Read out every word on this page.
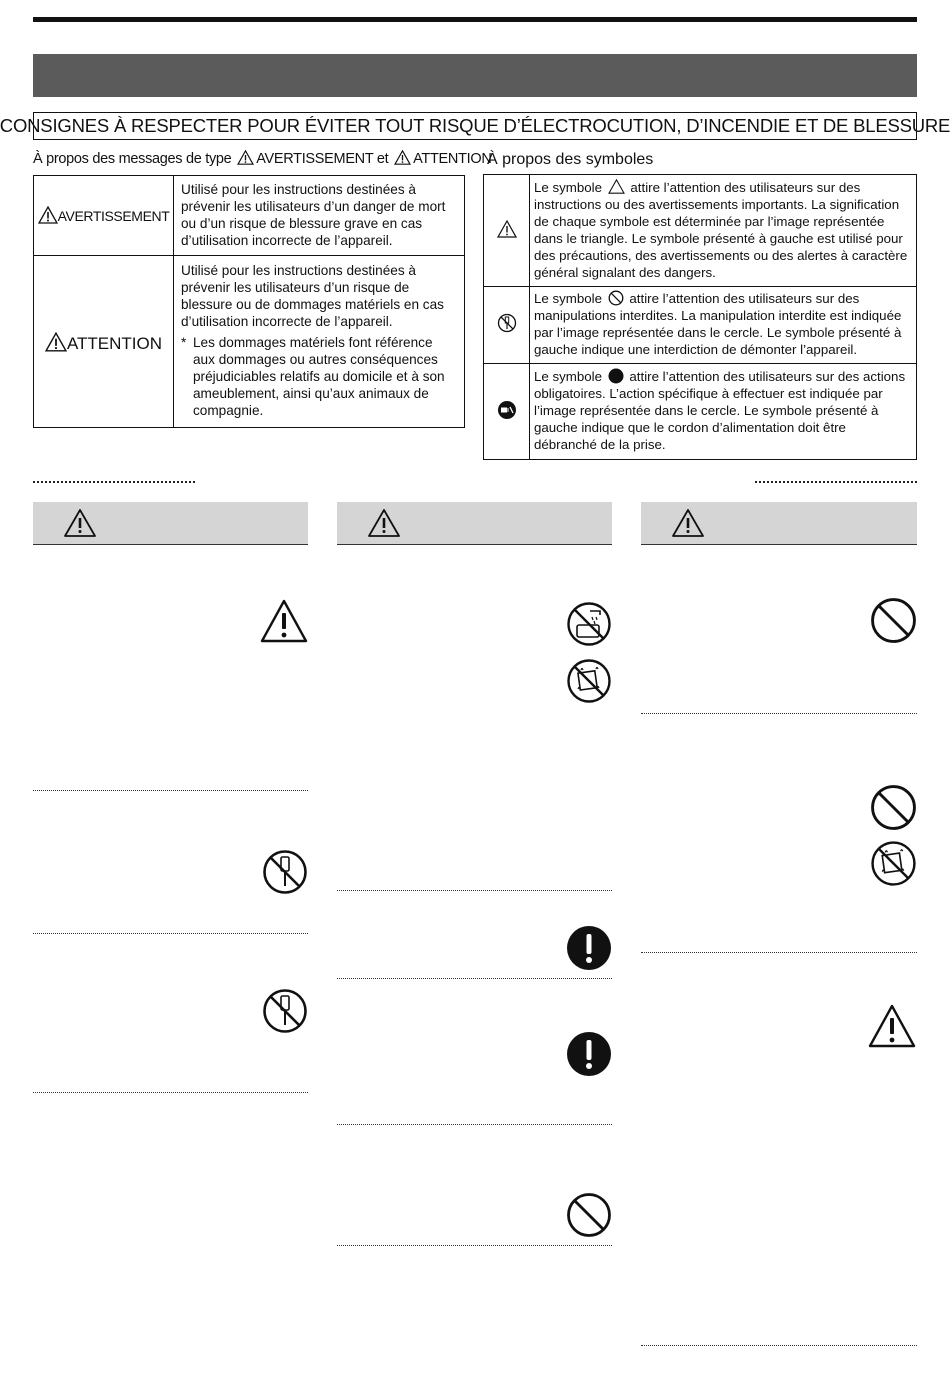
CONSIGNES À RESPECTER POUR ÉVITER TOUT RISQUE D’ÉLECTROCUTION, D’INCENDIE ET DE BLESSURE
À propos des messages de type AVERTISSEMENT et ATTENTION
À propos des symboles
AVERTISSEMENT	Utilisé pour les instructions destinées à prévenir les utilisateurs d’un danger de mort ou d’un risque de blessure grave en cas d’utilisation incorrecte de l’appareil.
ATTENTION	Utilisé pour les instructions destinées à prévenir les utilisateurs d’un risque de blessure ou de dommages matériels en cas d’utilisation incorrecte de l’appareil.
* Les dommages matériels font référence aux dommages ou autres conséquences préjudiciables relatifs au domicile et à son ameublement, ainsi qu’aux animaux de compagnie.
	Le symbole attire l’attention des utilisateurs sur des instructions ou des avertissements importants. La signification de chaque symbole est déterminée par l’image représentée dans le triangle. Le symbole présenté à gauche est utilisé pour des précautions, des avertissements ou des alertes à caractère général signalant des dangers.
	Le symbole attire l’attention des utilisateurs sur des manipulations interdites. La manipulation interdite est indiquée par l’image représentée dans le cercle. Le symbole présenté à gauche indique une interdiction de démonter l’appareil.
	Le symbole attire l’attention des utilisateurs sur des actions obligatoires. L’action spécifique à effectuer est indiquée par l’image représentée dans le cercle. Le symbole présenté à gauche indique que le cordon d’alimentation doit être débranché de la prise.
